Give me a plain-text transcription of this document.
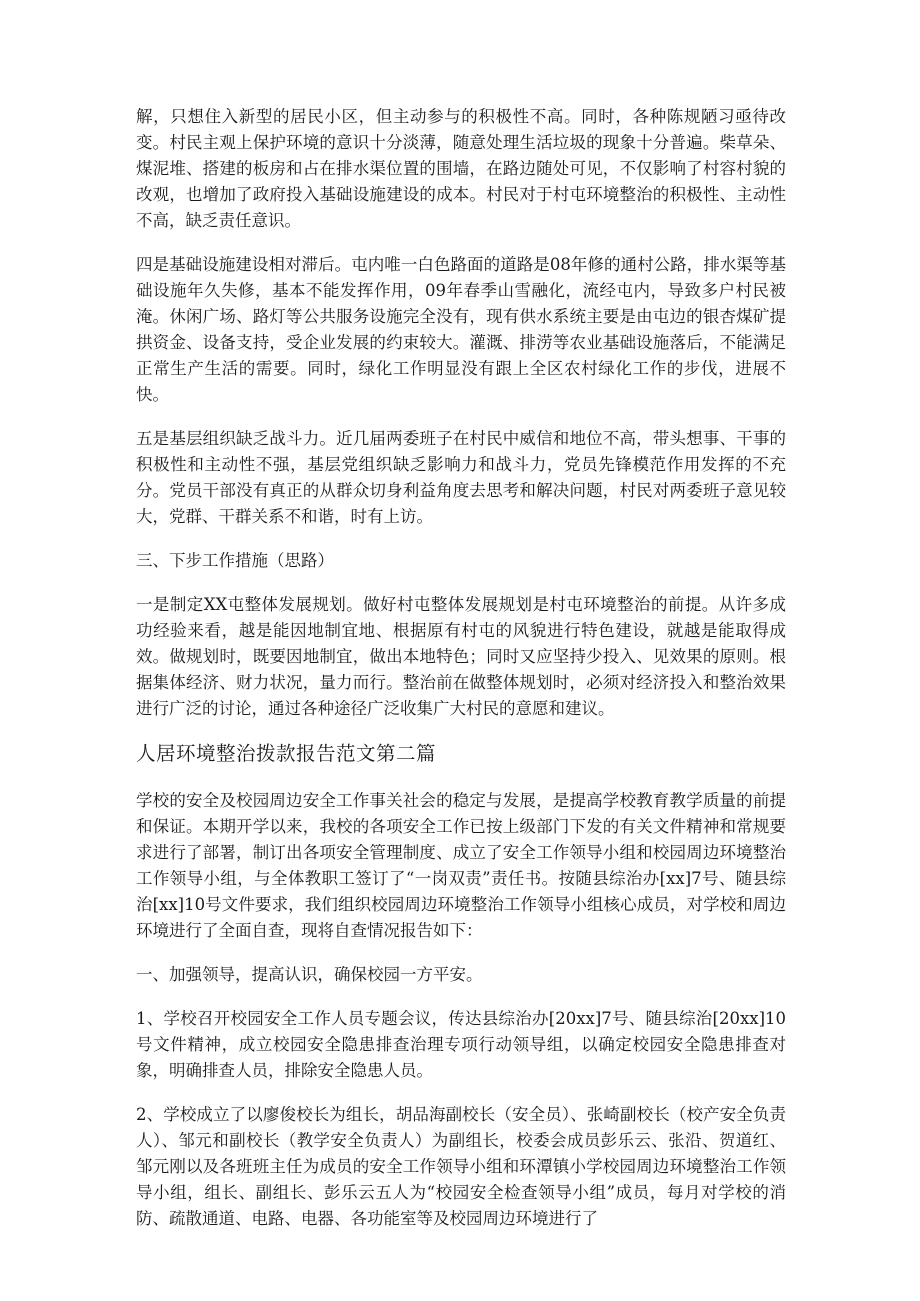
解，只想住入新型的居民小区，但主动参与的积极性不高。同时，各种陈规陋习亟待改变。村民主观上保护环境的意识十分淡薄，随意处理生活垃圾的现象十分普遍。柴草朵、煤泥堆、搭建的板房和占在排水渠位置的围墙，在路边随处可见，不仅影响了村容村貌的改观，也增加了政府投入基础设施建设的成本。村民对于村屯环境整治的积极性、主动性不高，缺乏责任意识。

四是基础设施建设相对滞后。屯内唯一白色路面的道路是08年修的通村公路，排水渠等基础设施年久失修，基本不能发挥作用，09年春季山雪融化，流经屯内，导致多户村民被淹。休闲广场、路灯等公共服务设施完全没有，现有供水系统主要是由屯边的银杏煤矿提拱资金、设备支持，受企业发展的约束较大。灌溉、排涝等农业基础设施落后，不能满足正常生产生活的需要。同时，绿化工作明显没有跟上全区农村绿化工作的步伐，进展不快。

五是基层组织缺乏战斗力。近几届两委班子在村民中威信和地位不高，带头想事、干事的积极性和主动性不强，基层党组织缺乏影响力和战斗力，党员先锋模范作用发挥的不充分。党员干部没有真正的从群众切身利益角度去思考和解决问题，村民对两委班子意见较大，党群、干群关系不和谐，时有上访。

三、下步工作措施（思路）

一是制定XX屯整体发展规划。做好村屯整体发展规划是村屯环境整治的前提。从许多成功经验来看，越是能因地制宜地、根据原有村屯的风貌进行特色建设，就越是能取得成效。做规划时，既要因地制宜，做出本地特色；同时又应坚持少投入、见效果的原则。根据集体经济、财力状况，量力而行。整治前在做整体规划时，必须对经济投入和整治效果进行广泛的讨论，通过各种途径广泛收集广大村民的意愿和建议。

人居环境整治拨款报告范文第二篇

学校的安全及校园周边安全工作事关社会的稳定与发展，是提高学校教育教学质量的前提和保证。本期开学以来，我校的各项安全工作已按上级部门下发的有关文件精神和常规要求进行了部署，制订出各项安全管理制度、成立了安全工作领导小组和校园周边环境整治工作领导小组，与全体教职工签订了“一岗双责”责任书。按随县综治办[xx]7号、随县综治[xx]10号文件要求，我们组织校园周边环境整治工作领导小组核心成员，对学校和周边环境进行了全面自查，现将自查情况报告如下：

一、加强领导，提高认识，确保校园一方平安。

1、学校召开校园安全工作人员专题会议，传达县综治办[20xx]7号、随县综治[20xx]10号文件精神，成立校园安全隐患排查治理专项行动领导组，以确定校园安全隐患排查对象，明确排查人员，排除安全隐患人员。

2、学校成立了以廖俊校长为组长，胡品海副校长（安全员）、张崎副校长（校产安全负责人）、邹元和副校长（教学安全负责人）为副组长，校委会成员彭乐云、张沿、贺道红、邹元刚以及各班班主任为成员的安全工作领导小组和环潭镇小学校园周边环境整治工作领导小组，组长、副组长、彭乐云五人为“校园安全检查领导小组”成员，每月对学校的消防、疏散通道、电路、电器、各功能室等及校园周边环境进行了
